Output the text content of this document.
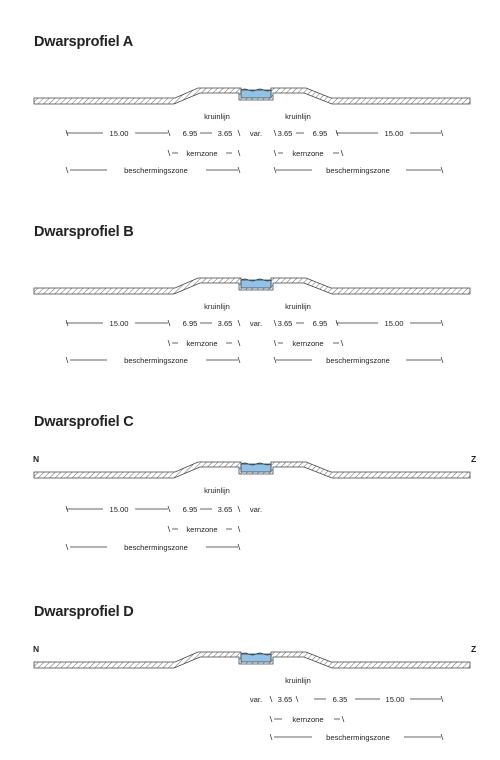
Dwarsprofiel A
kruinlijn	kruinlijn
15.00	6.95	3.65 var. 3.65	6.95	15.00
kernzone	kernzone
beschermingszone	beschermingszone
Dwarsprofiel B
kruinlijn	kruinlijn
15.00	6.95	3.65 var. 3.65	6.95	15.00
kernzone	kernzone
beschermingszone	beschermingszone
Dwarsprofiel C
N	Z
kruinlijn
15.00	6.95	3.65 var.
kernzone
beschermingszone
Dwarsprofiel D
N	Z
kruinlijn
var. 3.65	6.35	15.00
kernzone
beschermingszone
